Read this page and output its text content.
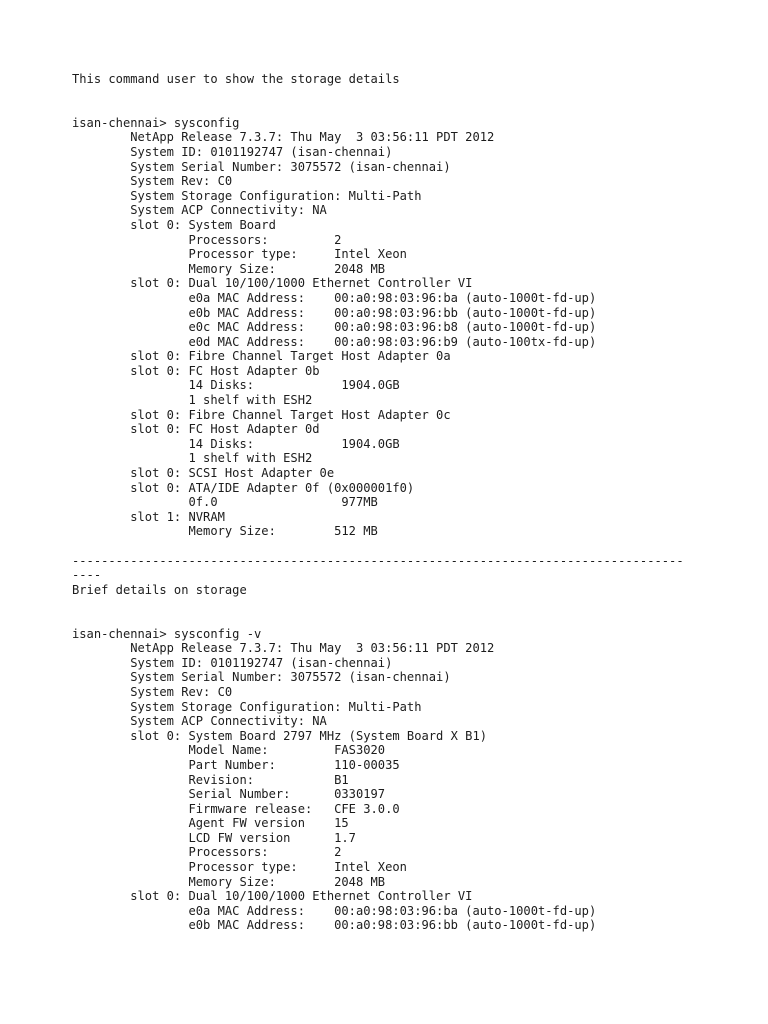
This command user to show the storage details
isan-chennai> sysconfig
NetApp Release 7.3.7: Thu May  3 03:56:11 PDT 2012
System ID: 0101192747 (isan-chennai)
System Serial Number: 3075572 (isan-chennai)
System Rev: C0
System Storage Configuration: Multi-Path
System ACP Connectivity: NA
slot 0: System Board
Processors:         2
Processor type:     Intel Xeon
Memory Size:        2048 MB
slot 0: Dual 10/100/1000 Ethernet Controller VI
e0a MAC Address:    00:a0:98:03:96:ba (auto-1000t-fd-up)
e0b MAC Address:    00:a0:98:03:96:bb (auto-1000t-fd-up)
e0c MAC Address:    00:a0:98:03:96:b8 (auto-1000t-fd-up)
e0d MAC Address:    00:a0:98:03:96:b9 (auto-100tx-fd-up)
slot 0: Fibre Channel Target Host Adapter 0a
slot 0: FC Host Adapter 0b
14 Disks:            1904.0GB
1 shelf with ESH2
slot 0: Fibre Channel Target Host Adapter 0c
slot 0: FC Host Adapter 0d
14 Disks:            1904.0GB
1 shelf with ESH2
slot 0: SCSI Host Adapter 0e
slot 0: ATA/IDE Adapter 0f (0x000001f0)
0f.0                 977MB
slot 1: NVRAM
Memory Size:        512 MB
------------------------------------------------------------------------------------
----
Brief details on storage
isan-chennai> sysconfig -v
NetApp Release 7.3.7: Thu May  3 03:56:11 PDT 2012
System ID: 0101192747 (isan-chennai)
System Serial Number: 3075572 (isan-chennai)
System Rev: C0
System Storage Configuration: Multi-Path
System ACP Connectivity: NA
slot 0: System Board 2797 MHz (System Board X B1)
Model Name:         FAS3020
Part Number:        110-00035
Revision:           B1
Serial Number:      0330197
Firmware release:   CFE 3.0.0
Agent FW version    15
LCD FW version      1.7
Processors:         2
Processor type:     Intel Xeon
Memory Size:        2048 MB
slot 0: Dual 10/100/1000 Ethernet Controller VI
e0a MAC Address:    00:a0:98:03:96:ba (auto-1000t-fd-up)
e0b MAC Address:    00:a0:98:03:96:bb (auto-1000t-fd-up)
